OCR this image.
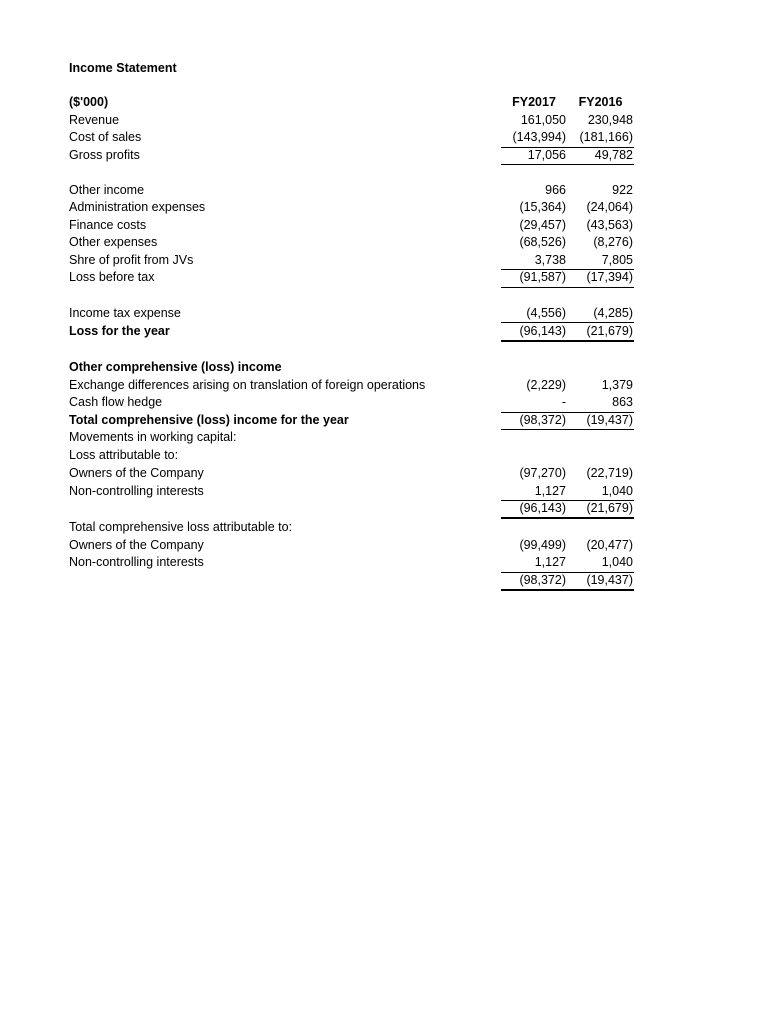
Income Statement
($'000)	FY2017	FY2016
Revenue	161,050	230,948
Cost of sales	(143,994)	(181,166)
Gross profits	17,056	49,782
Other income	966	922
Administration expenses	(15,364)	(24,064)
Finance costs	(29,457)	(43,563)
Other expenses	(68,526)	(8,276)
Shre of profit from JVs	3,738	7,805
Loss before tax	(91,587)	(17,394)
Income tax expense	(4,556)	(4,285)
Loss for the year	(96,143)	(21,679)
Other comprehensive (loss) income
Exchange differences arising on translation of foreign operations	(2,229)	1,379
Cash flow hedge	-	863
Total comprehensive (loss) income for the year	(98,372)	(19,437)
Movements in working capital:
Loss attributable to:
Owners of the Company	(97,270)	(22,719)
Non-controlling interests	1,127	1,040
(96,143)	(21,679)
Total comprehensive loss attributable to:
Owners of the Company	(99,499)	(20,477)
Non-controlling interests	1,127	1,040
(98,372)	(19,437)
